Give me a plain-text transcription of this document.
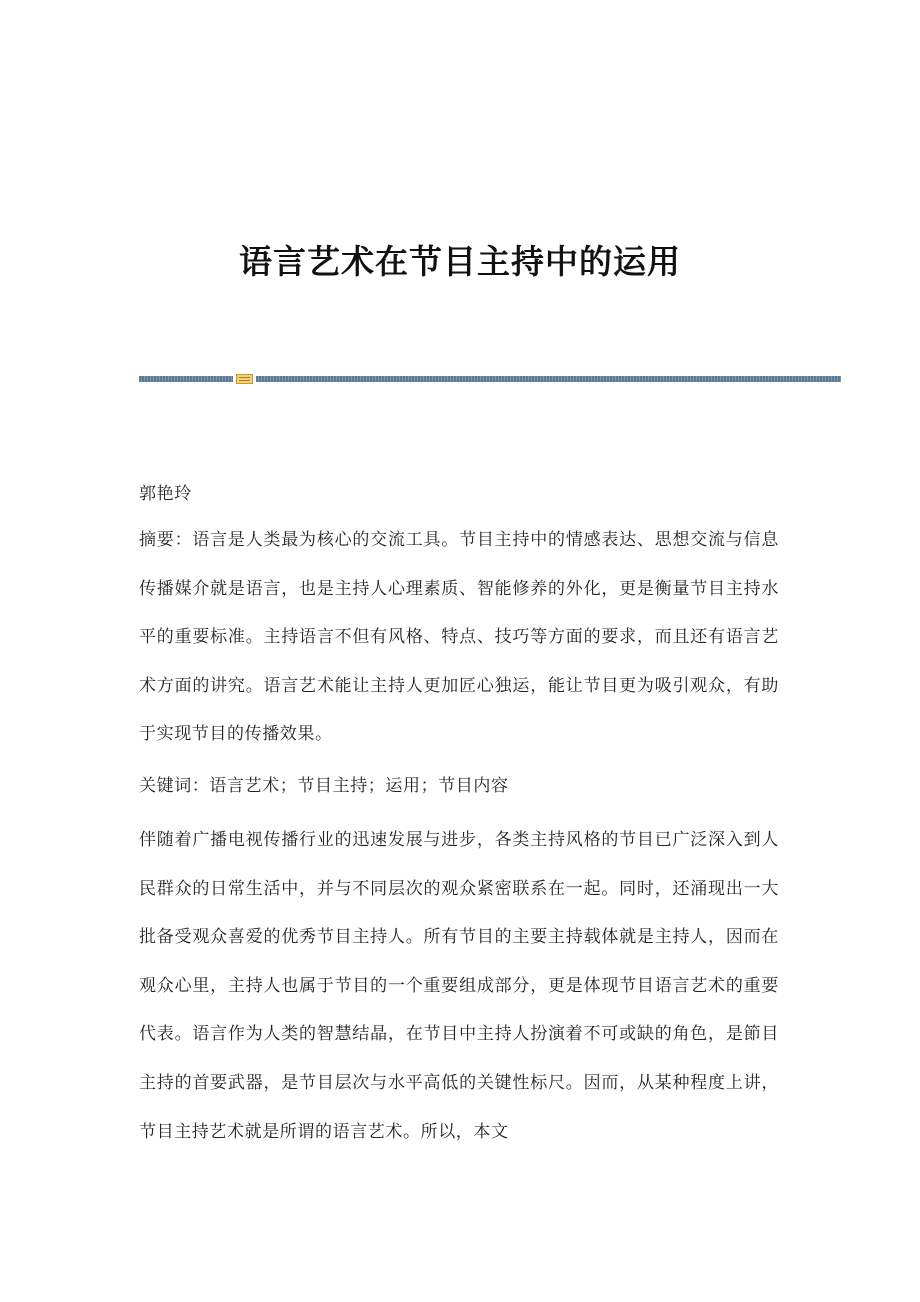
语言艺术在节目主持中的运用
郭艳玲
摘要：语言是人类最为核心的交流工具。节目主持中的情感表达、思想交流与信息传播媒介就是语言，也是主持人心理素质、智能修养的外化，更是衡量节目主持水平的重要标准。主持语言不但有风格、特点、技巧等方面的要求，而且还有语言艺术方面的讲究。语言艺术能让主持人更加匠心独运，能让节目更为吸引观众，有助于实现节目的传播效果。
关键词：语言艺术；节目主持；运用；节目内容
伴随着广播电视传播行业的迅速发展与进步，各类主持风格的节目已广泛深入到人民群众的日常生活中，并与不同层次的观众紧密联系在一起。同时，还涌现出一大批备受观众喜爱的优秀节目主持人。所有节目的主要主持载体就是主持人，因而在观众心里，主持人也属于节目的一个重要组成部分，更是体现节目语言艺术的重要代表。语言作为人类的智慧结晶，在节目中主持人扮演着不可或缺的角色，是節目主持的首要武器，是节目层次与水平高低的关键性标尺。因而，从某种程度上讲，节目主持艺术就是所谓的语言艺术。所以，本文
